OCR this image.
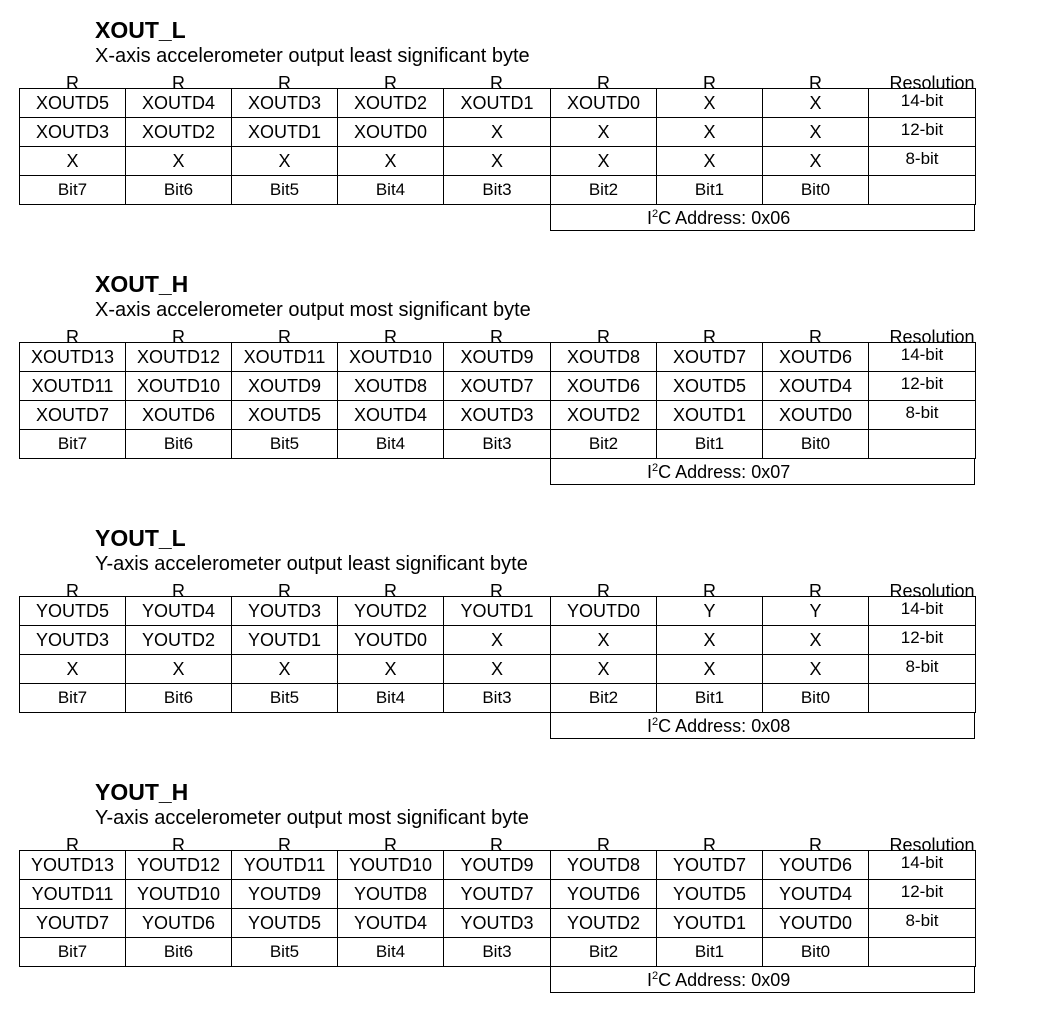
XOUT_L
X-axis accelerometer output least significant byte
R	R	R	R	R	R	R	R	Resolution
XOUTD5	XOUTD4	XOUTD3	XOUTD2	XOUTD1	XOUTD0	X	X	14-bit
XOUTD3	XOUTD2	XOUTD1	XOUTD0	X	X	X	X	12-bit
X	X	X	X	X	X	X	X	8-bit
Bit7	Bit6	Bit5	Bit4	Bit3	Bit2	Bit1	Bit0	
$I^2C$ Address: 0x06
XOUT_H
X-axis accelerometer output most significant byte
R	R	R	R	R	R	R	R	Resolution
XOUTD13	XOUTD12	XOUTD11	XOUTD10	XOUTD9	XOUTD8	XOUTD7	XOUTD6	14-bit
XOUTD11	XOUTD10	XOUTD9	XOUTD8	XOUTD7	XOUTD6	XOUTD5	XOUTD4	12-bit
XOUTD7	XOUTD6	XOUTD5	XOUTD4	XOUTD3	XOUTD2	XOUTD1	XOUTD0	8-bit
Bit7	Bit6	Bit5	Bit4	Bit3	Bit2	Bit1	Bit0	
$I^2C$ Address: 0x07
YOUT_L
Y-axis accelerometer output least significant byte
R	R	R	R	R	R	R	R	Resolution
YOUTD5	YOUTD4	YOUTD3	YOUTD2	YOUTD1	YOUTD0	Y	Y	14-bit
YOUTD3	YOUTD2	YOUTD1	YOUTD0	X	X	X	X	12-bit
X	X	X	X	X	X	X	X	8-bit
Bit7	Bit6	Bit5	Bit4	Bit3	Bit2	Bit1	Bit0	
$I^2C$ Address: 0x08
YOUT_H
Y-axis accelerometer output most significant byte
R	R	R	R	R	R	R	R	Resolution
YOUTD13	YOUTD12	YOUTD11	YOUTD10	YOUTD9	YOUTD8	YOUTD7	YOUTD6	14-bit
YOUTD11	YOUTD10	YOUTD9	YOUTD8	YOUTD7	YOUTD6	YOUTD5	YOUTD4	12-bit
YOUTD7	YOUTD6	YOUTD5	YOUTD4	YOUTD3	YOUTD2	YOUTD1	YOUTD0	8-bit
Bit7	Bit6	Bit5	Bit4	Bit3	Bit2	Bit1	Bit0	
$I^2C$ Address: 0x09
